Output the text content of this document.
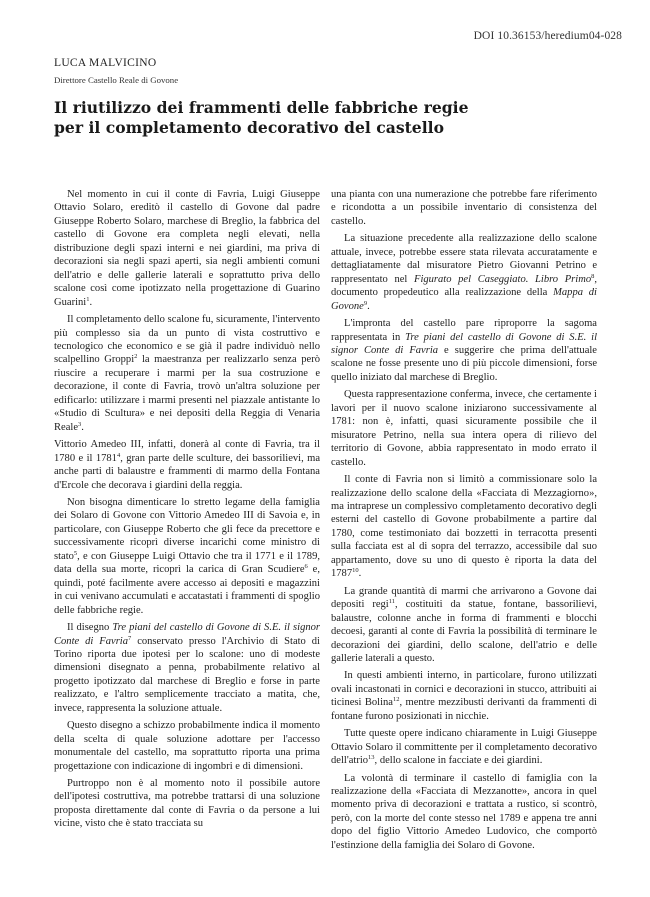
DOI 10.36153/heredium04-028
LUCA MALVICINO
Direttore Castello Reale di Govone
Il riutilizzo dei frammenti delle fabbriche regie
per il completamento decorativo del castello

Nel momento in cui il conte di Favria, Luigi Giuseppe Ottavio Solaro, ereditò il castello di Govone dal padre Giuseppe Roberto Solaro, marchese di Breglio, la fabbrica del castello di Govone era completa negli elevati, nella distribuzione degli spazi interni e nei giardini, ma priva di decorazioni sia negli spazi aperti, sia negli ambienti comuni dell'atrio e delle gallerie laterali e soprattutto priva dello scalone così come ipotizzato nella progettazione di Guarino Guarini$^1$.

Il completamento dello scalone fu, sicuramente, l'intervento più complesso sia da un punto di vista costruttivo e tecnologico che economico e se già il padre individuò nello scalpellino Groppi$^2$ la maestranza per realizzarlo senza però riuscire a recuperare i marmi per la sua costruzione e decorazione, il conte di Favria, trovò un'altra soluzione per edificarlo: utilizzare i marmi presenti nel piazzale antistante lo «Studio di Scultura» e nei depositi della Reggia di Venaria Reale$^3$.

Vittorio Amedeo III, infatti, donerà al conte di Favria, tra il 1780 e il 1781$^4$, gran parte delle sculture, dei bassorilievi, ma anche parti di balaustre e frammenti di marmo della Fontana d'Ercole che decorava i giardini della reggia.

Non bisogna dimenticare lo stretto legame della famiglia dei Solaro di Govone con Vittorio Amedeo III di Savoia e, in particolare, con Giuseppe Roberto che gli fece da precettore e successivamente ricoprì diverse incarichi come ministro di stato$^5$, e con Giuseppe Luigi Ottavio che tra il 1771 e il 1789, data della sua morte, ricoprì la carica di Gran Scudiere$^6$ e, quindi, poté facilmente avere accesso ai depositi e magazzini in cui venivano accumulati e accatastati i frammenti di spoglio delle fabbriche regie.

Il disegno Tre piani del castello di Govone di S.E. il signor Conte di Favria$^7$ conservato presso l'Archivio di Stato di Torino riporta due ipotesi per lo scalone: uno di modeste dimensioni disegnato a penna, probabilmente relativo al progetto ipotizzato dal marchese di Breglio e forse in parte realizzato, e l'altro semplicemente tracciato a matita, che, invece, rappresenta la soluzione attuale.

Questo disegno a schizzo probabilmente indica il momento della scelta di quale soluzione adottare per l'accesso monumentale del castello, ma soprattutto riporta una prima progettazione con indicazione di ingombri e di dimensioni.

Purtroppo non è al momento noto il possibile autore dell'ipotesi costruttiva, ma potrebbe trattarsi di una soluzione proposta direttamente dal conte di Favria o da persone a lui vicine, visto che è stato tracciata su

una pianta con una numerazione che potrebbe fare riferimento e ricondotta a un possibile inventario di consistenza del castello.

La situazione precedente alla realizzazione dello scalone attuale, invece, potrebbe essere stata rilevata accuratamente e dettagliatamente dal misuratore Pietro Giovanni Petrino e rappresentato nel Figurato pel Caseggiato. Libro Primo$^8$, documento propedeutico alla realizzazione della Mappa di Govone$^9$.

L'impronta del castello pare riproporre la sagoma rappresentata in Tre piani del castello di Govone di S.E. il signor Conte di Favria e suggerire che prima dell'attuale scalone ne fosse presente uno di più piccole dimensioni, forse quello iniziato dal marchese di Breglio.

Questa rappresentazione conferma, invece, che certamente i lavori per il nuovo scalone iniziarono successivamente al 1781: non è, infatti, quasi sicuramente possibile che il misuratore Petrino, nella sua intera opera di rilievo del territorio di Govone, abbia rappresentato in modo errato il castello.

Il conte di Favria non si limitò a commissionare solo la realizzazione dello scalone della «Facciata di Mezzagiorno», ma intraprese un complessivo completamento decorativo degli esterni del castello di Govone probabilmente a partire dal 1780, come testimoniato dai bozzetti in terracotta presenti sulla facciata est al di sopra del terrazzo, accessibile dal suo appartamento, dove su uno di questo è riporta la data del 1787$^{10}$.

La grande quantità di marmi che arrivarono a Govone dai depositi regi$^{11}$, costituiti da statue, fontane, bassorilievi, balaustre, colonne anche in forma di frammenti e blocchi decoesi, garanti al conte di Favria la possibilità di terminare le decorazioni dei giardini, dello scalone, dell'atrio e delle gallerie laterali a questo.

In questi ambienti interno, in particolare, furono utilizzati ovali incastonati in cornici e decorazioni in stucco, attribuiti ai ticinesi Bolina$^{12}$, mentre mezzibusti derivanti da frammenti di fontane furono posizionati in nicchie.

Tutte queste opere indicano chiaramente in Luigi Giuseppe Ottavio Solaro il committente per il completamento decorativo dell'atrio$^{13}$, dello scalone in facciate e dei giardini.

La volontà di terminare il castello di famiglia con la realizzazione della «Facciata di Mezzanotte», ancora in quel momento priva di decorazioni e trattata a rustico, si scontrò, però, con la morte del conte stesso nel 1789 e appena tre anni dopo del figlio Vittorio Amedeo Ludovico, che comportò l'estinzione della famiglia dei Solaro di Govone.
